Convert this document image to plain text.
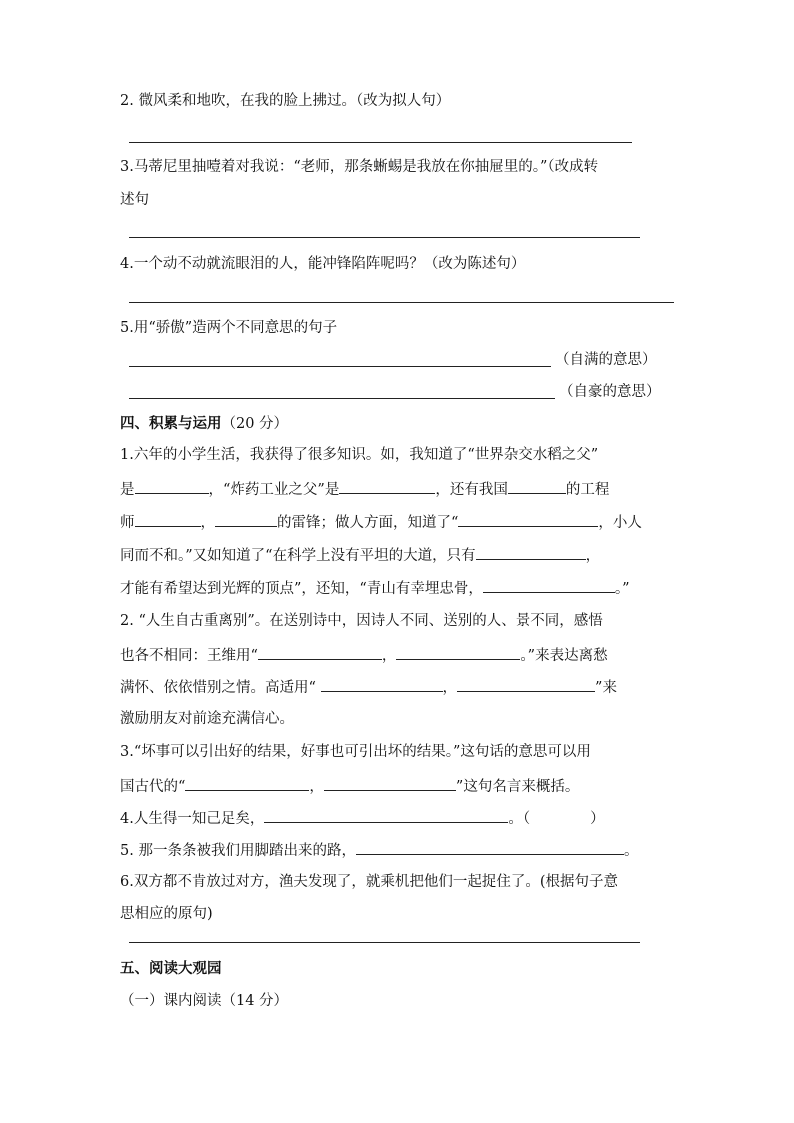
2. 微风柔和地吹，在我的脸上拂过。（改为拟人句）
3.马蒂尼里抽噎着对我说：“老师，那条蜥蜴是我放在你抽屉里的。”（改成转
述句
4.一个动不动就流眼泪的人，能冲锋陷阵呢吗？（改为陈述句）
5.用“骄傲”造两个不同意思的句子
（自满的意思）
（自豪的意思）
四、积累与运用（20 分）
1.六年的小学生活，我获得了很多知识。如，我知道了“世界杂交水稻之父”
是	，“炸药工业之父”是	，还有我国	的工程
师	，	的雷锋；做人方面，知道了“	，小人
同而不和。”又如知道了“在科学上没有平坦的大道，只有	，
才能有希望达到光辉的顶点”，还知，“青山有幸埋忠骨，	。”
2. “人生自古重离别”。在送别诗中，因诗人不同、送别的人、景不同，感悟
也各不相同：王维用“	，	。”来表达离愁
满怀、依依惜别之情。高适用“	，	”来
激励朋友对前途充满信心。
3.“坏事可以引出好的结果，好事也可引出坏的结果。”这句话的意思可以用
国古代的“	，	”这句名言来概括。
4.人生得一知己足矣，	。（	）
5. 那一条条被我们用脚踏出来的路，	。
6.双方都不肯放过对方，渔夫发现了，就乘机把他们一起捉住了。(根据句子意
思相应的原句)
五、阅读大观园
（一）课内阅读（14 分）
